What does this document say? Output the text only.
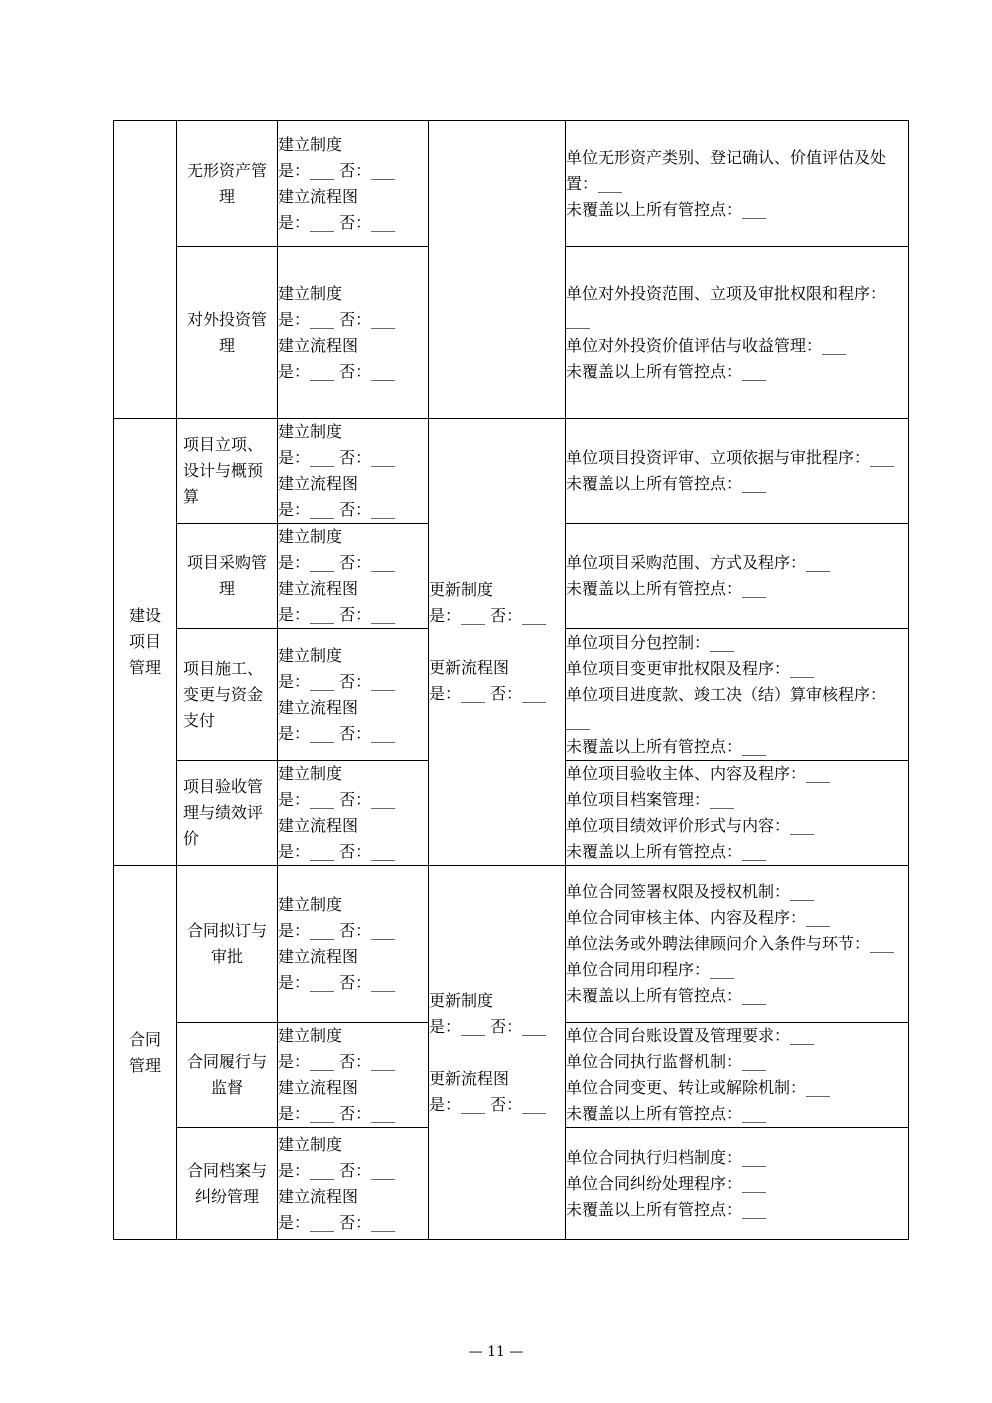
	无形资产管理	建立制度
是：___ 否：___
建立流程图
是：___ 否：___		单位无形资产类别、登记确认、价值评估及处置：___
未覆盖以上所有管控点：___

	对外投资管理	建立制度
是：___ 否：___
建立流程图
是：___ 否：___		单位对外投资范围、立项及审批权限和程序：___
单位对外投资价值评估与收益管理：___
未覆盖以上所有管控点：___

建设项目管理	项目立项、设计与概预算	建立制度
是：___ 否：___
建立流程图
是：___ 否：___	更新制度
是：___ 否：___
更新流程图
是：___ 否：___	单位项目投资评审、立项依据与审批程序：___
未覆盖以上所有管控点：___

	项目采购管理	建立制度
是：___ 否：___
建立流程图
是：___ 否：___		单位项目采购范围、方式及程序：___
未覆盖以上所有管控点：___

	项目施工、变更与资金支付	建立制度
是：___ 否：___
建立流程图
是：___ 否：___		单位项目分包控制：___
单位项目变更审批权限及程序：___
单位项目进度款、竣工决（结）算审核程序：___
未覆盖以上所有管控点：___

	项目验收管理与绩效评价	建立制度
是：___ 否：___
建立流程图
是：___ 否：___		单位项目验收主体、内容及程序：___
单位项目档案管理：___
单位项目绩效评价形式与内容：___
未覆盖以上所有管控点：___

合同管理	合同拟订与审批	建立制度
是：___ 否：___
建立流程图
是：___ 否：___	更新制度
是：___ 否：___
更新流程图
是：___ 否：___	单位合同签署权限及授权机制：___
单位合同审核主体、内容及程序：___
单位法务或外聘法律顾问介入条件与环节：___
单位合同用印程序：___
未覆盖以上所有管控点：___

	合同履行与监督	建立制度
是：___ 否：___
建立流程图
是：___ 否：___		单位合同台账设置及管理要求：___
单位合同执行监督机制：___
单位合同变更、转让或解除机制：___
未覆盖以上所有管控点：___

	合同档案与纠纷管理	建立制度
是：___ 否：___
建立流程图
是：___ 否：___		单位合同执行归档制度：___
单位合同纠纷处理程序：___
未覆盖以上所有管控点：___
— 11 —
